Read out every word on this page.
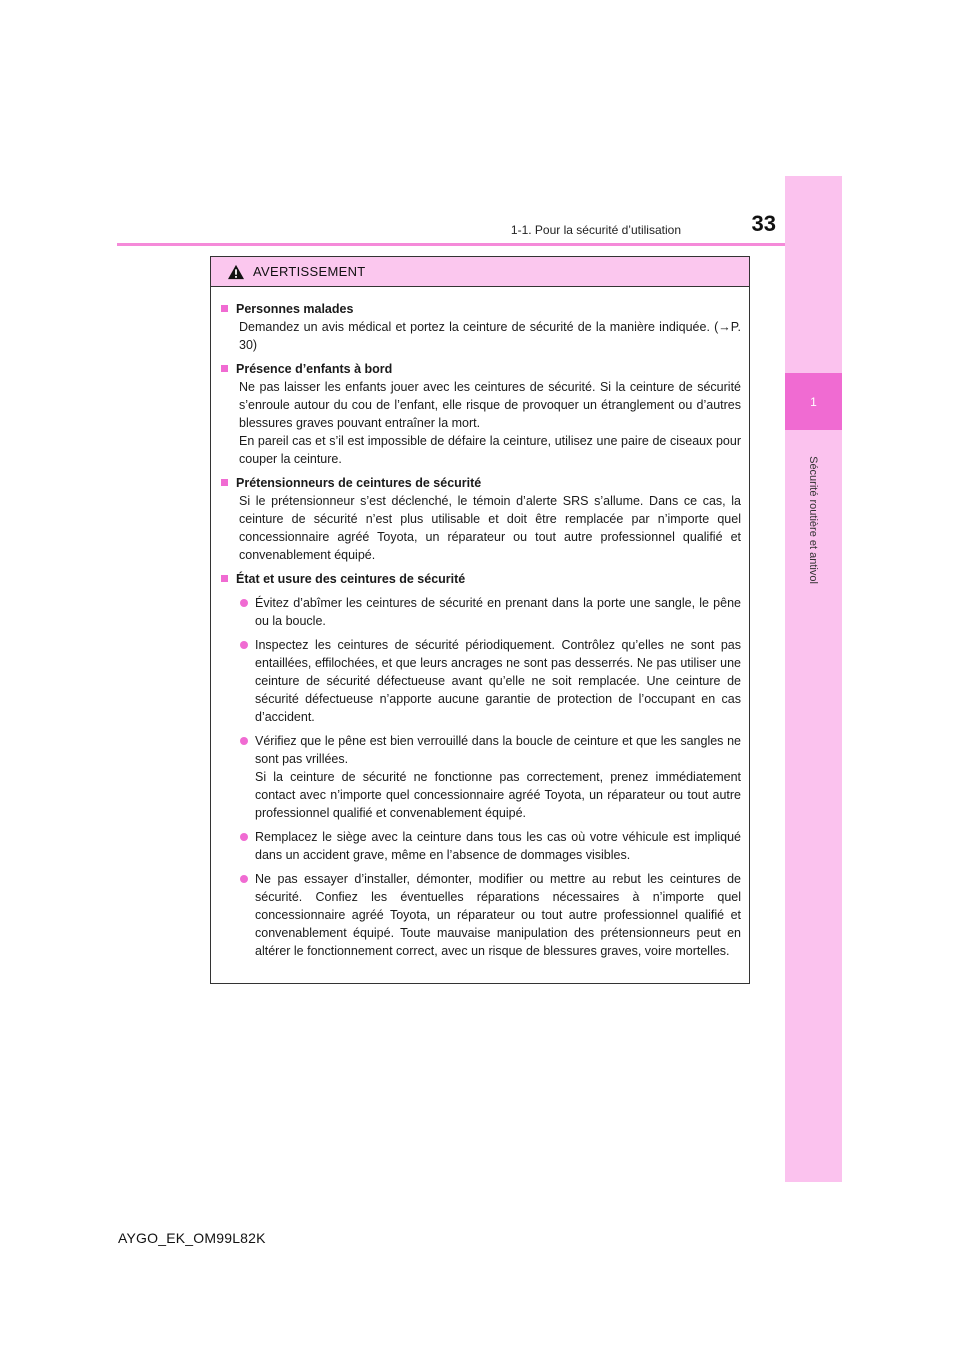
1
Sécurité routière et antivol
1-1. Pour la sécurité d’utilisation	33
AVERTISSEMENT
Personnes malades

Demandez un avis médical et portez la ceinture de sécurité de la manière indiquée. (→P. 30)

Présence d’enfants à bord

Ne pas laisser les enfants jouer avec les ceintures de sécurité. Si la ceinture de sécurité s’enroule autour du cou de l’enfant, elle risque de provoquer un étranglement ou d’autres blessures graves pouvant entraîner la mort.

En pareil cas et s’il est impossible de défaire la ceinture, utilisez une paire de ciseaux pour couper la ceinture.

Prétensionneurs de ceintures de sécurité

Si le prétensionneur s’est déclenché, le témoin d’alerte SRS s’allume. Dans ce cas, la ceinture de sécurité n’est plus utilisable et doit être remplacée par n’importe quel concessionnaire agréé Toyota, un réparateur ou tout autre professionnel qualifié et convenablement équipé.

État et usure des ceintures de sécurité
Évitez d’abîmer les ceintures de sécurité en prenant dans la porte une sangle, le pêne ou la boucle.
Inspectez les ceintures de sécurité périodiquement. Contrôlez qu’elles ne sont pas entaillées, effilochées, et que leurs ancrages ne sont pas desserrés. Ne pas utiliser une ceinture de sécurité défectueuse avant qu’elle ne soit remplacée. Une ceinture de sécurité défectueuse n’apporte aucune garantie de protection de l’occupant en cas d’accident.
Vérifiez que le pêne est bien verrouillé dans la boucle de ceinture et que les sangles ne sont pas vrillées.
Si la ceinture de sécurité ne fonctionne pas correctement, prenez immédiatement contact avec n’importe quel concessionnaire agréé Toyota, un réparateur ou tout autre professionnel qualifié et convenablement équipé.
Remplacez le siège avec la ceinture dans tous les cas où votre véhicule est impliqué dans un accident grave, même en l’absence de dommages visibles.
Ne pas essayer d’installer, démonter, modifier ou mettre au rebut les ceintures de sécurité. Confiez les éventuelles réparations nécessaires à n’importe quel concessionnaire agréé Toyota, un réparateur ou tout autre professionnel qualifié et convenablement équipé. Toute mauvaise manipulation des prétensionneurs peut en altérer le fonctionnement correct, avec un risque de blessures graves, voire mortelles.
AYGO_EK_OM99L82K
